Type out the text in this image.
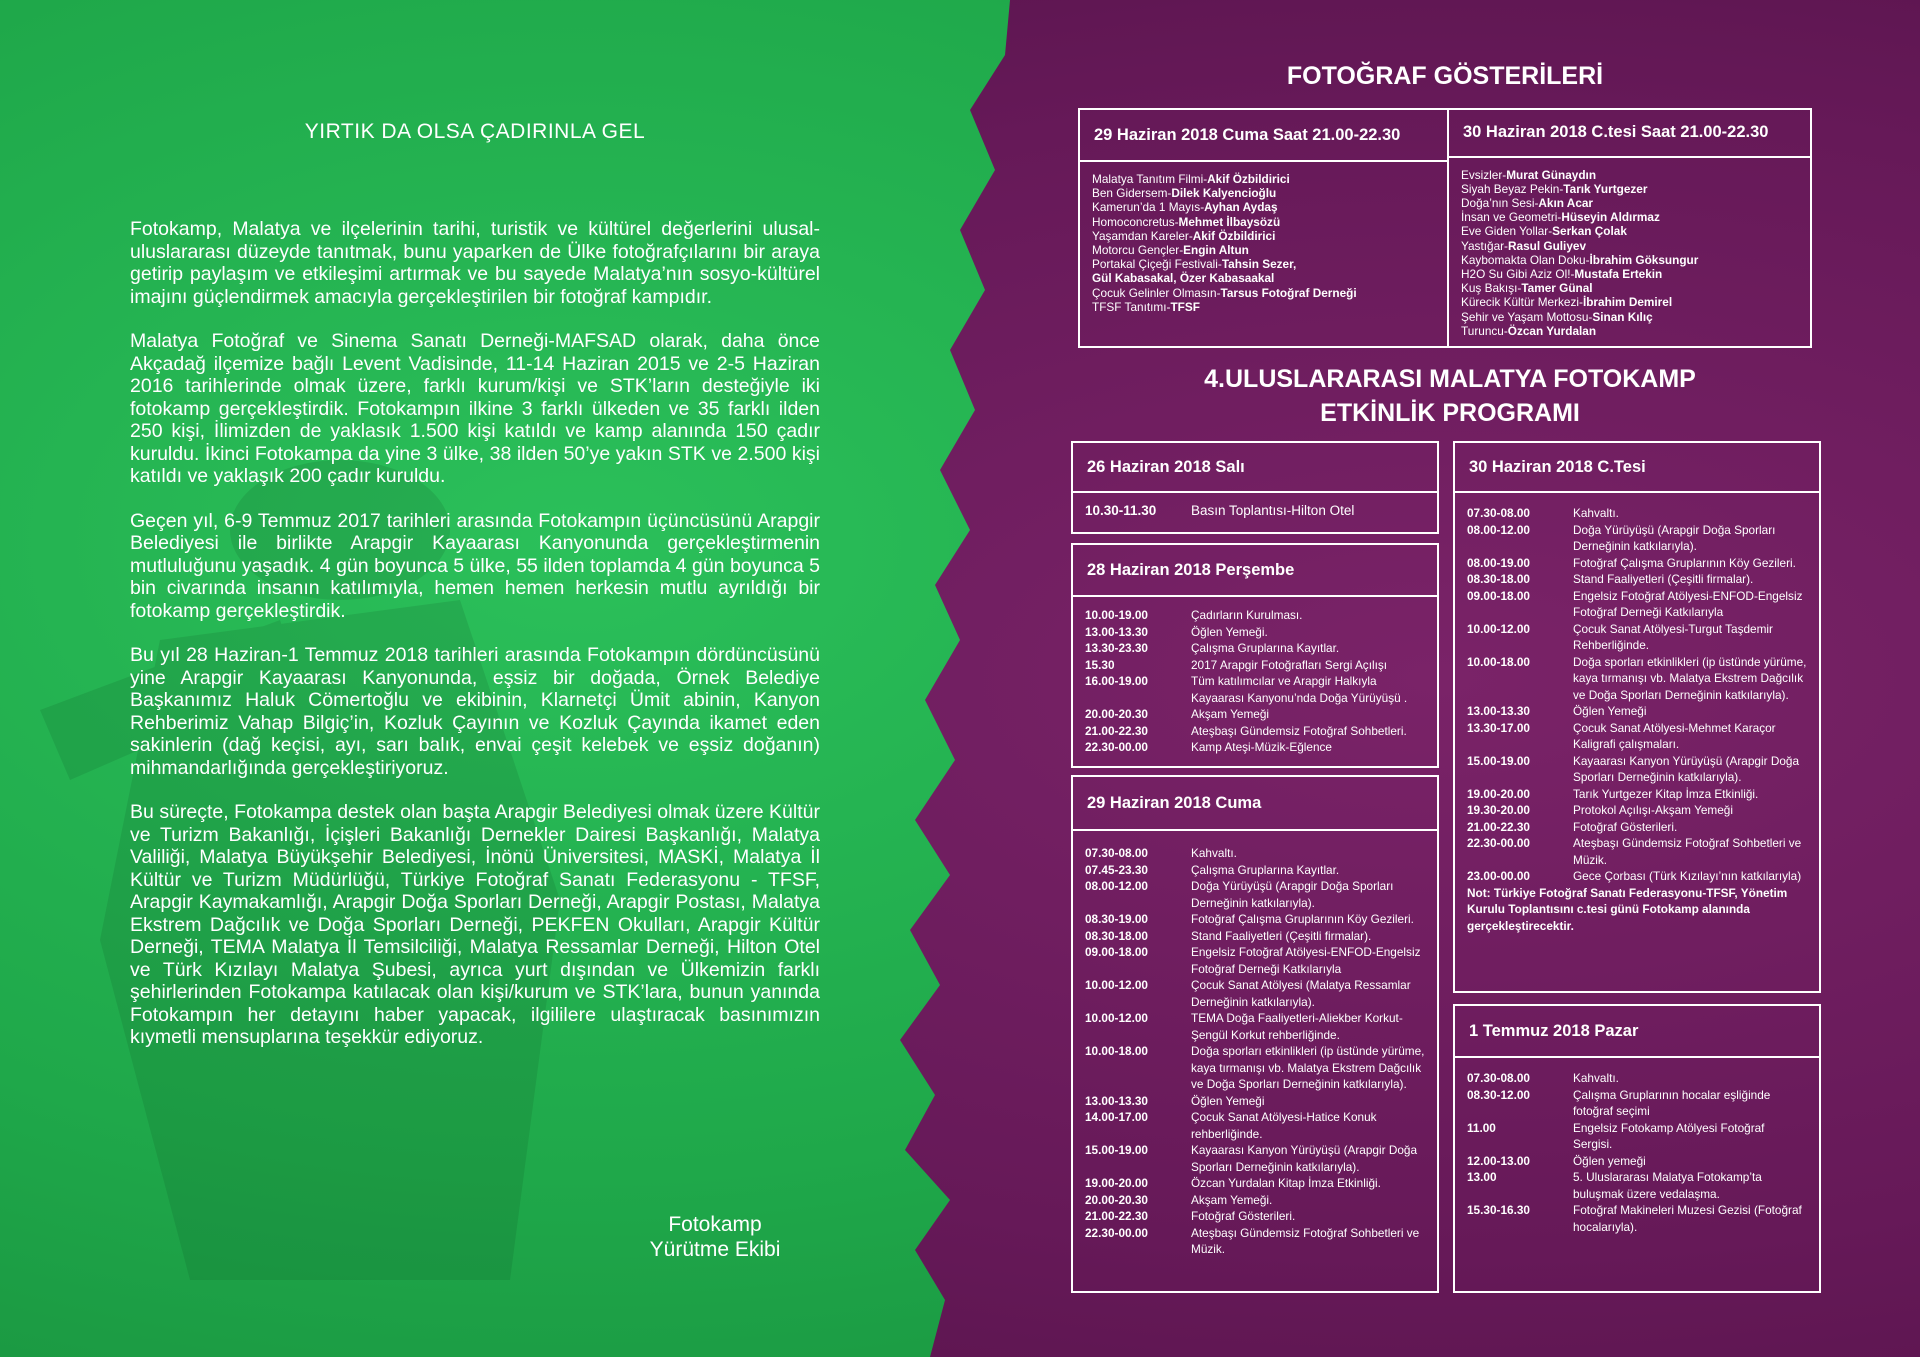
YIRTIK DA OLSA ÇADIRINLA GEL

Fotokamp, Malatya ve ilçelerinin tarihi, turistik ve kültürel değerlerini ulusal-uluslararası düzeyde tanıtmak, bunu yaparken de Ülke fotoğrafçılarını bir araya getirip paylaşım ve etkileşimi artırmak ve bu sayede Malatya’nın sosyo-kültürel imajını güçlendirmek amacıyla gerçekleştirilen bir fotoğraf kampıdır.

Malatya Fotoğraf ve Sinema Sanatı Derneği-MAFSAD olarak, daha önce Akçadağ ilçemize bağlı Levent Vadisinde, 11-14 Haziran 2015 ve 2-5 Haziran 2016 tarihlerinde olmak üzere, farklı kurum/kişi ve STK’ların desteğiyle iki fotokamp gerçekleştirdik. Fotokampın ilkine 3 farklı ülkeden ve 35 farklı ilden 250 kişi, İlimizden de yaklasık 1.500 kişi katıldı ve kamp alanında 150 çadır kuruldu. İkinci Fotokampa da yine 3 ülke, 38 ilden 50’ye yakın STK ve 2.500 kişi katıldı ve yaklaşık 200 çadır kuruldu.

Geçen yıl, 6-9 Temmuz 2017 tarihleri arasında Fotokampın üçüncüsünü Arapgir Belediyesi ile birlikte Arapgir Kayaarası Kanyonunda gerçekleştirmenin mutluluğunu yaşadık. 4 gün boyunca 5 ülke, 55 ilden toplamda 4 gün boyunca 5 bin civarında insanın katılımıyla, hemen hemen herkesin mutlu ayrıldığı bir fotokamp gerçekleştirdik.

Bu yıl 28 Haziran-1 Temmuz 2018 tarihleri arasında Fotokampın dördüncüsünü yine Arapgir Kayaarası Kanyonunda, eşsiz bir doğada, Örnek Belediye Başkanımız Haluk Cömertoğlu ve ekibinin, Klarnetçi Ümit abinin, Kanyon Rehberimiz Vahap Bilgiç’in, Kozluk Çayının ve Kozluk Çayında ikamet eden sakinlerin (dağ keçisi, ayı, sarı balık, envai çeşit kelebek ve eşsiz doğanın) mihmandarlığında gerçekleştiriyoruz.

Bu süreçte, Fotokampa destek olan başta Arapgir Belediyesi olmak üzere Kültür ve Turizm Bakanlığı, İçişleri Bakanlığı Dernekler Dairesi Başkanlığı, Malatya Valiliği, Malatya Büyükşehir Belediyesi, İnönü Üniversitesi, MASKİ, Malatya İl Kültür ve Turizm Müdürlüğü, Türkiye Fotoğraf Sanatı Federasyonu - TFSF, Arapgir Kaymakamlığı, Arapgir Doğa Sporları Derneği, Arapgir Postası, Malatya Ekstrem Dağcılık ve Doğa Sporları Derneği, PEKFEN Okulları, Arapgir Kültür Derneği, TEMA Malatya İl Temsilciliği, Malatya Ressamlar Derneği, Hilton Otel ve Türk Kızılayı Malatya Şubesi, ayrıca yurt dışından ve Ülkemizin farklı şehirlerinden Fotokampa katılacak olan kişi/kurum ve STK’lara, bunun yanında Fotokampın her detayını haber yapacak, ilgililere ulaştıracak basınımızın kıymetli mensuplarına teşekkür ediyoruz.

Fotokamp
Yürütme Ekibi
FOTOĞRAF GÖSTERİLERİ
29 Haziran 2018 Cuma Saat 21.00-22.30
Malatya Tanıtım Filmi-Akif Özbildirici
Ben Gidersem-Dilek Kalyencioğlu
Kamerun’da 1 Mayıs-Ayhan Aydaş
Homoconcretus-Mehmet İlbaysözü
Yaşamdan Kareler-Akif Özbildirici
Motorcu Gençler-Engin Altun
Portakal Çiçeği Festivali-Tahsin Sezer,
Gül Kabasakal, Özer Kabasaakal
Çocuk Gelinler Olmasın-Tarsus Fotoğraf Derneği
TFSF Tanıtımı-TFSF
30 Haziran 2018 C.tesi Saat 21.00-22.30
Evsizler-Murat Günaydın
Siyah Beyaz Pekin-Tarık Yurtgezer
Doğa’nın Sesi-Akın Acar
İnsan ve Geometri-Hüseyin Aldırmaz
Eve Giden Yollar-Serkan Çolak
Yastığar-Rasul Guliyev
Kaybomakta Olan Doku-İbrahim Göksungur
H2O Su Gibi Aziz Ol!-Mustafa Ertekin
Kuş Bakışı-Tamer Günal
Kürecik Kültür Merkezi-İbrahim Demirel
Şehir ve Yaşam Mottosu-Sinan Kılıç
Turuncu-Özcan Yurdalan
4.ULUSLARARASI MALATYA FOTOKAMP
ETKİNLİK PROGRAMI
26 Haziran 2018 Salı
10.30-11.30	Basın Toplantısı-Hilton Otel
28 Haziran 2018 Perşembe
10.00-19.00	Çadırların Kurulması.
13.00-13.30	Öğlen Yemeği.
13.30-23.30	Çalışma Gruplarına Kayıtlar.
15.30	2017 Arapgir Fotoğrafları Sergi Açılışı
16.00-19.00	Tüm katılımcılar ve Arapgir Halkıyla Kayaarası Kanyonu’nda Doğa Yürüyüşü .
20.00-20.30	Akşam Yemeği
21.00-22.30	Ateşbaşı Gündemsiz Fotoğraf Sohbetleri.
22.30-00.00	Kamp Ateşi-Müzik-Eğlence
29 Haziran 2018 Cuma
07.30-08.00	Kahvaltı.
07.45-23.30	Çalışma Gruplarına Kayıtlar.
08.00-12.00	Doğa Yürüyüşü (Arapgir Doğa Sporları Derneğinin katkılarıyla).
08.30-19.00	Fotoğraf Çalışma Gruplarının Köy Gezileri.
08.30-18.00	Stand Faaliyetleri (Çeşitli firmalar).
09.00-18.00	Engelsiz Fotoğraf Atölyesi-ENFOD-Engelsiz Fotoğraf Derneği Katkılarıyla
10.00-12.00	Çocuk Sanat Atölyesi (Malatya Ressamlar Derneğinin katkılarıyla).
10.00-12.00	TEMA Doğa Faaliyetleri-Aliekber Korkut-Şengül Korkut rehberliğinde.
10.00-18.00	Doğa sporları etkinlikleri (ip üstünde yürüme, kaya tırmanışı vb. Malatya Ekstrem Dağcılık ve Doğa Sporları Derneğinin katkılarıyla).
13.00-13.30	Öğlen Yemeği
14.00-17.00	Çocuk Sanat Atölyesi-Hatice Konuk rehberliğinde.
15.00-19.00	Kayaarası Kanyon Yürüyüşü (Arapgir Doğa Sporları Derneğinin katkılarıyla).
19.00-20.00	Özcan Yurdalan Kitap İmza Etkinliği.
20.00-20.30	Akşam Yemeği.
21.00-22.30	Fotoğraf Gösterileri.
22.30-00.00	Ateşbaşı Gündemsiz Fotoğraf Sohbetleri ve Müzik.
30 Haziran 2018 C.Tesi
07.30-08.00	Kahvaltı.
08.00-12.00	Doğa Yürüyüşü (Arapgir Doğa Sporları Derneğinin katkılarıyla).
08.00-19.00	Fotoğraf Çalışma Gruplarının Köy Gezileri.
08.30-18.00	Stand Faaliyetleri (Çeşitli firmalar).
09.00-18.00	Engelsiz Fotoğraf Atölyesi-ENFOD-Engelsiz Fotoğraf Derneği Katkılarıyla
10.00-12.00	Çocuk Sanat Atölyesi-Turgut Taşdemir Rehberliğinde.
10.00-18.00	Doğa sporları etkinlikleri (ip üstünde yürüme, kaya tırmanışı vb. Malatya Ekstrem Dağcılık ve Doğa Sporları Derneğinin katkılarıyla).
13.00-13.30	Öğlen Yemeği
13.30-17.00	Çocuk Sanat Atölyesi-Mehmet Karaçor Kaligrafi çalışmaları.
15.00-19.00	Kayaarası Kanyon Yürüyüşü (Arapgir Doğa Sporları Derneğinin katkılarıyla).
19.00-20.00	Tarık Yurtgezer Kitap İmza Etkinliği.
19.30-20.00	Protokol Açılışı-Akşam Yemeği
21.00-22.30	Fotoğraf Gösterileri.
22.30-00.00	Ateşbaşı Gündemsiz Fotoğraf Sohbetleri ve Müzik.
23.00-00.00	Gece Çorbası (Türk Kızılayı’nın katkılarıyla)
Not: Türkiye Fotoğraf Sanatı Federasyonu-TFSF, Yönetim Kurulu Toplantısını c.tesi günü Fotokamp alanında gerçekleştirecektir.
1 Temmuz 2018 Pazar
07.30-08.00	Kahvaltı.
08.30-12.00	Çalışma Gruplarının hocalar eşliğinde fotoğraf seçimi
11.00	Engelsiz Fotokamp Atölyesi Fotoğraf Sergisi.
12.00-13.00	Öğlen yemeği
13.00	5. Uluslararası Malatya Fotokamp’ta buluşmak üzere vedalaşma.
15.30-16.30	Fotoğraf Makineleri Muzesi Gezisi (Fotoğraf hocalarıyla).
